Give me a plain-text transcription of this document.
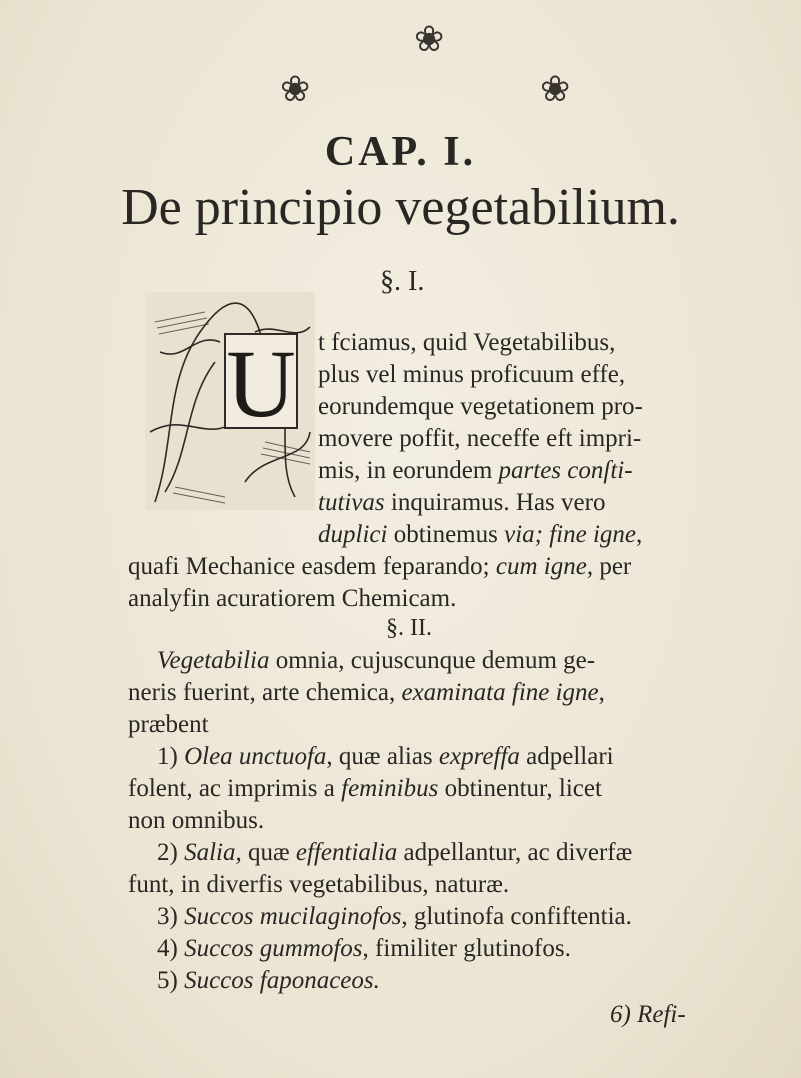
❀
❀	❀
CAP. I.
De principio vegetabilium.
§. I.
U t fciamus, quid Vegetabilibus,
plus vel minus proficuum effe,
eorundemque vegetationem pro-
movere poffit, neceffe eft impri-
mis, in eorundem partes conſti-
tutivas inquiramus. Has vero
duplici obtinemus via; fine igne,
quafi Mechanice easdem feparando; cum igne, per
analyfin acuratiorem Chemicam.
§. II.
Vegetabilia omnia, cujuscunque demum ge-
neris fuerint, arte chemica, examinata fine igne,
præbent
1) Olea unctuofa, quæ alias expreffa adpellari
folent, ac imprimis a feminibus obtinentur, licet
non omnibus.
2) Salia, quæ effentialia adpellantur, ac diverfæ
funt, in diverfis vegetabilibus, naturæ.
3) Succos mucilaginofos, glutinofa confiftentia.
4) Succos gummofos, fimiliter glutinofos.
5) Succos faponaceos.
6) Refi-
